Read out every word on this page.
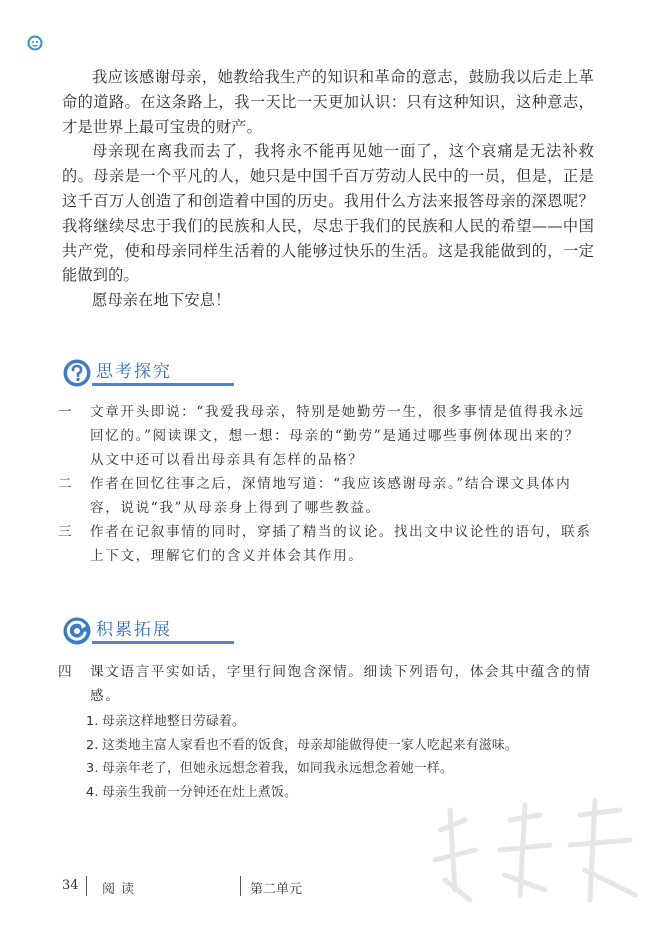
我应该感谢母亲，她教给我生产的知识和革命的意志，鼓励我以后走上革命的道路。在这条路上，我一天比一天更加认识：只有这种知识，这种意志，才是世界上最可宝贵的财产。

母亲现在离我而去了，我将永不能再见她一面了，这个哀痛是无法补救的。母亲是一个平凡的人，她只是中国千百万劳动人民中的一员，但是，正是这千百万人创造了和创造着中国的历史。我用什么方法来报答母亲的深恩呢？我将继续尽忠于我们的民族和人民，尽忠于我们的民族和人民的希望——中国共产党，使和母亲同样生活着的人能够过快乐的生活。这是我能做到的，一定能做到的。

愿母亲在地下安息！

思考探究
一 文章开头即说：“我爱我母亲，特别是她勤劳一生，很多事情是值得我永远回忆的。”阅读课文，想一想：母亲的“勤劳”是通过哪些事例体现出来的？从文中还可以看出母亲具有怎样的品格？
二 作者在回忆往事之后，深情地写道：“我应该感谢母亲。”结合课文具体内容，说说“我”从母亲身上得到了哪些教益。
三 作者在记叙事情的同时，穿插了精当的议论。找出文中议论性的语句，联系上下文，理解它们的含义并体会其作用。
积累拓展
四 课文语言平实如话，字里行间饱含深情。细读下列语句，体会其中蕴含的情感。

1. 母亲这样地整日劳碌着。

2. 这类地主富人家看也不看的饭食，母亲却能做得使一家人吃起来有滋味。

3. 母亲年老了，但她永远想念着我，如同我永远想念着她一样。

4. 母亲生我前一分钟还在灶上煮饭。

34 阅读	第二单元
